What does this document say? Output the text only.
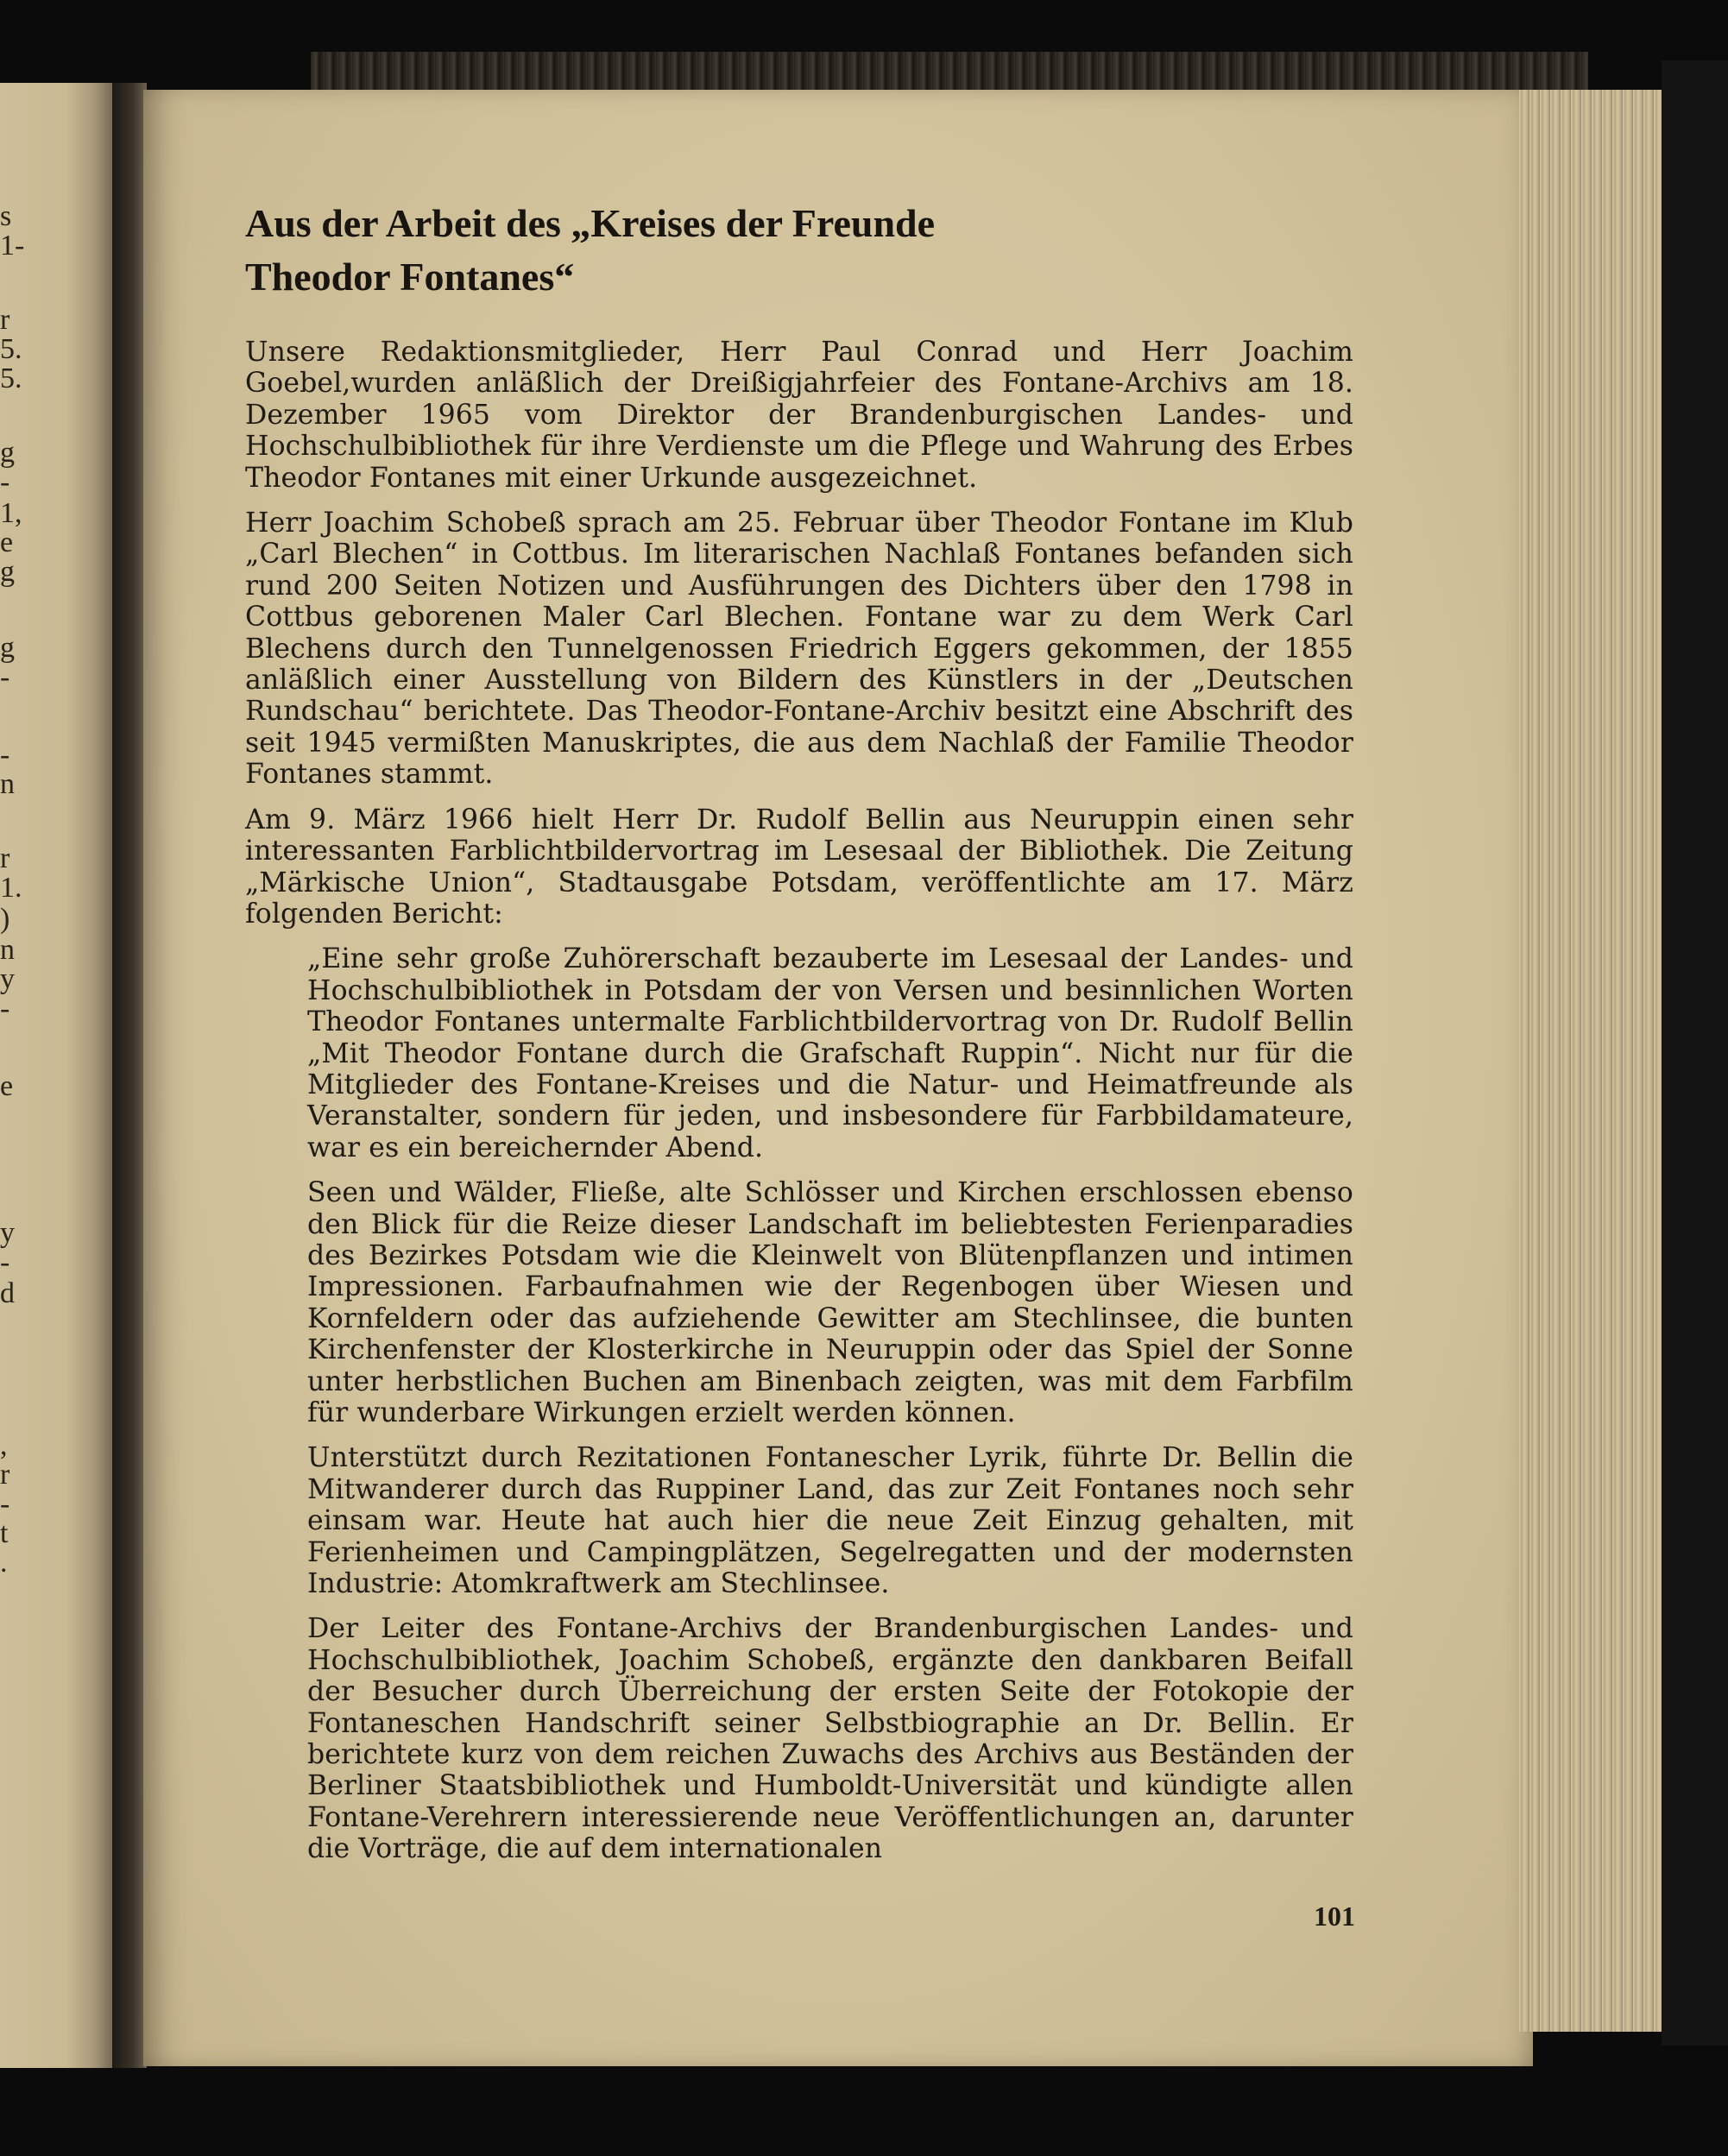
s
1-
r
5.
5.
g
-
1,
e
g
g
-
-
n
r
1.
)
n
y
-
e
y
-
d
,
r
-
t
.
Aus der Arbeit des „Kreises der Freunde
Theodor Fontanes“

Unsere Redaktionsmitglieder, Herr Paul Conrad und Herr Joachim Goebel,wurden anläßlich der Dreißigjahrfeier des Fontane-Archivs am 18. Dezember 1965 vom Direktor der Brandenburgischen Landes- und Hochschulbibliothek für ihre Verdienste um die Pflege und Wahrung des Erbes Theodor Fontanes mit einer Urkunde ausgezeichnet.

Herr Joachim Schobeß sprach am 25. Februar über Theodor Fontane im Klub „Carl Blechen“ in Cottbus. Im literarischen Nachlaß Fontanes befanden sich rund 200 Seiten Notizen und Ausführungen des Dichters über den 1798 in Cottbus geborenen Maler Carl Blechen. Fontane war zu dem Werk Carl Blechens durch den Tunnelgenossen Friedrich Eggers gekommen, der 1855 anläßlich einer Ausstellung von Bildern des Künstlers in der „Deutschen Rundschau“ berichtete. Das Theodor-Fontane-Archiv besitzt eine Abschrift des seit 1945 vermißten Manuskriptes, die aus dem Nachlaß der Familie Theodor Fontanes stammt.

Am 9. März 1966 hielt Herr Dr. Rudolf Bellin aus Neuruppin einen sehr interessanten Farblichtbildervortrag im Lesesaal der Bibliothek. Die Zeitung „Märkische Union“, Stadtausgabe Potsdam, veröffentlichte am 17. März folgenden Bericht:

„Eine sehr große Zuhörerschaft bezauberte im Lesesaal der Landes- und Hochschulbibliothek in Potsdam der von Versen und besinnlichen Worten Theodor Fontanes untermalte Farblichtbildervortrag von Dr. Rudolf Bellin „Mit Theodor Fontane durch die Grafschaft Ruppin“. Nicht nur für die Mitglieder des Fontane-Kreises und die Natur- und Heimatfreunde als Veranstalter, sondern für jeden, und insbesondere für Farbbildamateure, war es ein bereichernder Abend.

Seen und Wälder, Fließe, alte Schlösser und Kirchen erschlossen ebenso den Blick für die Reize dieser Landschaft im beliebtesten Ferienparadies des Bezirkes Potsdam wie die Kleinwelt von Blütenpflanzen und intimen Impressionen. Farbaufnahmen wie der Regenbogen über Wiesen und Kornfeldern oder das aufziehende Gewitter am Stechlinsee, die bunten Kirchenfenster der Klosterkirche in Neuruppin oder das Spiel der Sonne unter herbstlichen Buchen am Binenbach zeigten, was mit dem Farbfilm für wunderbare Wirkungen erzielt werden können.

Unterstützt durch Rezitationen Fontanescher Lyrik, führte Dr. Bellin die Mitwanderer durch das Ruppiner Land, das zur Zeit Fontanes noch sehr einsam war. Heute hat auch hier die neue Zeit Einzug gehalten, mit Ferienheimen und Campingplätzen, Segelregatten und der modernsten Industrie: Atomkraftwerk am Stechlinsee.

Der Leiter des Fontane-Archivs der Brandenburgischen Landes- und Hochschulbibliothek, Joachim Schobeß, ergänzte den dankbaren Beifall der Besucher durch Überreichung der ersten Seite der Fotokopie der Fontaneschen Handschrift seiner Selbstbiographie an Dr. Bellin. Er berichtete kurz von dem reichen Zuwachs des Archivs aus Beständen der Berliner Staatsbibliothek und Humboldt-Universität und kündigte allen Fontane-Verehrern interessierende neue Veröffentlichungen an, darunter die Vorträge, die auf dem internationalen

101
